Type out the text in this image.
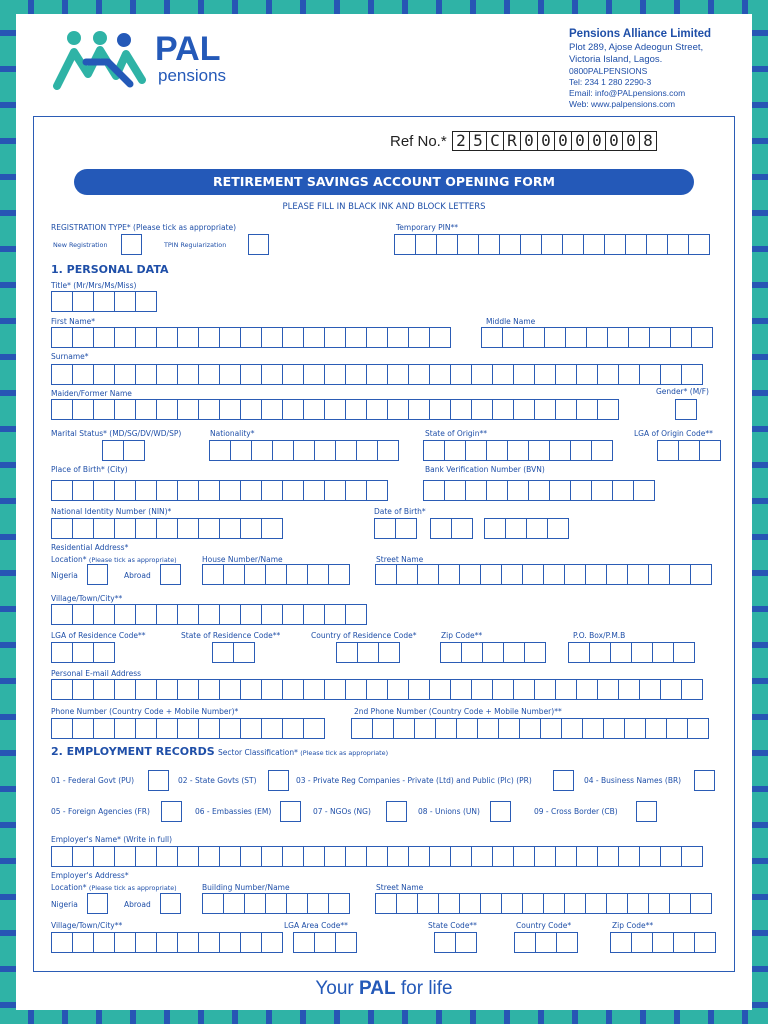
PAL
pensions
Pensions Alliance Limited
Plot 289, Ajose Adeogun Street,
Victoria Island, Lagos.
0800PALPENSIONS
Tel: 234 1 280 2290-3
Email: info@PALpensions.com
Web: www.palpensions.com
Ref No.* 2 5 C R 0 0 0 0 0 0 0 8
RETIREMENT SAVINGS ACCOUNT OPENING FORM
PLEASE FILL IN BLACK INK AND BLOCK LETTERS
REGISTRATION TYPE* (Please tick as appropriate)
New Registration	TPIN Regularization
Temporary PIN**
1. PERSONAL DATA
Title* (Mr/Mrs/Ms/Miss)
First Name*	Middle Name
Surname*
Maiden/Former Name	Gender* (M/F)
Marital Status* (MD/SG/DV/WD/SP)	Nationality*	State of Origin**	LGA of Origin Code**
Place of Birth* (City)	Bank Verification Number (BVN)
National Identity Number (NIN)*	Date of Birth*
Residential Address*
Location* (Please tick as appropriate)
Nigeria	Abroad
House Number/Name	Street Name
Village/Town/City**
LGA of Residence Code**	State of Residence Code**	Country of Residence Code*	Zip Code**	P.O. Box/P.M.B
Personal E-mail Address
Phone Number (Country Code + Mobile Number)*	2nd Phone Number (Country Code + Mobile Number)**
2. EMPLOYMENT RECORDS Sector Classification* (Please tick as appropriate)
01 - Federal Govt (PU)	02 - State Govts (ST)	03 - Private Reg Companies - Private (Ltd) and Public (Plc) (PR)	04 - Business Names (BR)
05 - Foreign Agencies (FR)	06 - Embassies (EM)	07 - NGOs (NG)	08 - Unions (UN)	09 - Cross Border (CB)
Employer's Name* (Write in full)
Employer's Address*
Location* (Please tick as appropriate)
Nigeria	Abroad
Building Number/Name	Street Name
Village/Town/City**	LGA Area Code**	State Code**	Country Code*	Zip Code**
Your PAL for life
